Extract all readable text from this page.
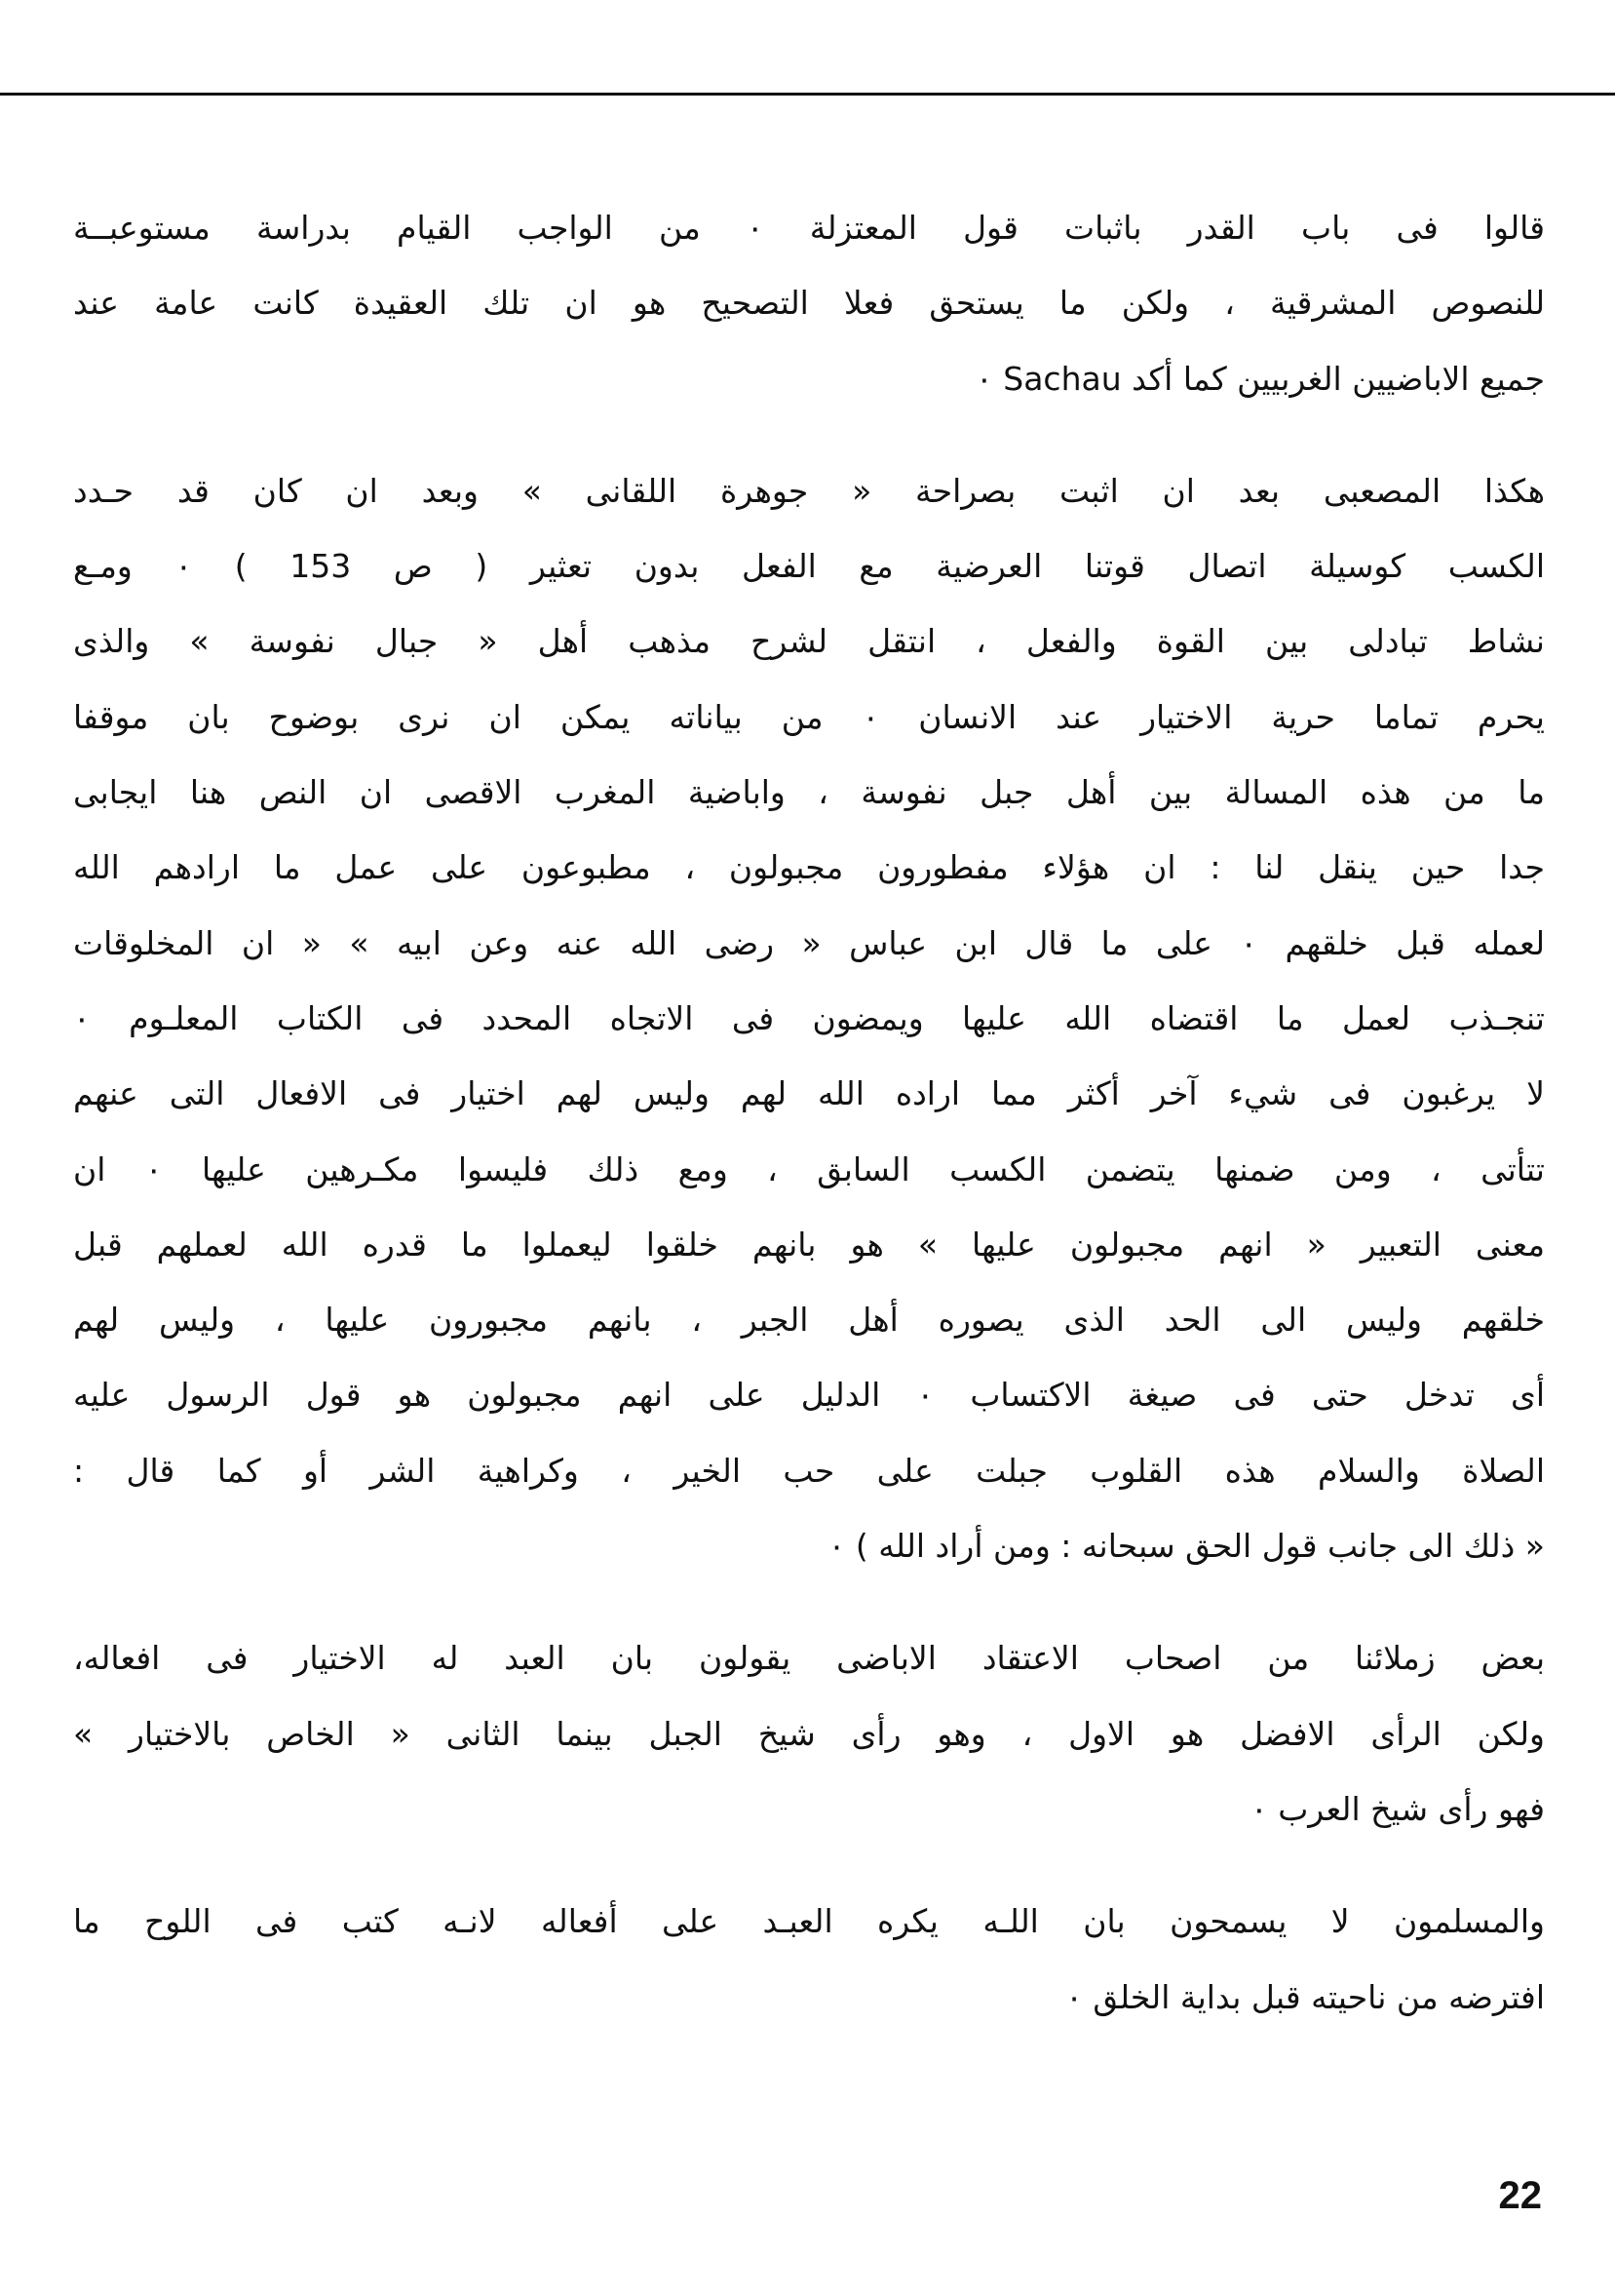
قالوا فى باب القدر باثبات قول المعتزلة ٠ من الواجب القيام بدراسة مستوعبــة
للنصوص المشرقية ، ولكن ما يستحق فعلا التصحيح هو ان تلك العقيدة كانت عامة عند
جميع الاباضيين الغربيين كما أكد Sachau ٠
هكذا المصعبى بعد ان اثبت بصراحة « جوهرة اللقانى » وبعد ان كان قد حـدد
الكسب كوسيلة اتصال قوتنا العرضية مع الفعل بدون تعثير ( ص 153 ) ٠ ومـع
نشاط تبادلى بين القوة والفعل ، انتقل لشرح مذهب أهل « جبال نفوسة » والذى
يحرم تماما حرية الاختيار عند الانسان ٠ من بياناته يمكن ان نرى بوضوح بان موقفا
ما من هذه المسالة بين أهل جبل نفوسة ، واباضية المغرب الاقصى ان النص هنا ايجابى
جدا حين ينقل لنا : ان هؤلاء مفطورون مجبولون ، مطبوعون على عمل ما ارادهم الله
لعمله قبل خلقهم ٠ على ما قال ابن عباس « رضى الله عنه وعن ابيه » « ان المخلوقات
تنجـذب لعمل ما اقتضاه الله عليها ويمضون فى الاتجاه المحدد فى الكتاب المعلـوم ٠
لا يرغبون فى شيء آخر أكثر مما اراده الله لهم وليس لهم اختيار فى الافعال التى عنهم
تتأتى ، ومن ضمنها يتضمن الكسب السابق ، ومع ذلك فليسوا مكـرهين عليها ٠ ان
معنى التعبير « انهم مجبولون عليها » هو بانهم خلقوا ليعملوا ما قدره الله لعملهم قبل
خلقهم وليس الى الحد الذى يصوره أهل الجبر ، بانهم مجبورون عليها ، وليس لهم
أى تدخل حتى فى صيغة الاكتساب ٠ الدليل على انهم مجبولون هو قول الرسول عليه
الصلاة والسلام هذه القلوب جبلت على حب الخير ، وكراهية الشر أو كما قال :
« ذلك الى جانب قول الحق سبحانه : ومن أراد الله ) ٠
بعض زملائنا من اصحاب الاعتقاد الاباضى يقولون بان العبد له الاختيار فى افعاله،
ولكن الرأى الافضل هو الاول ، وهو رأى شيخ الجبل بينما الثانى « الخاص بالاختيار »
فهو رأى شيخ العرب ٠
والمسلمون لا يسمحون بان اللـه يكره العبـد على أفعاله لانـه كتب فى اللوح ما
افترضه من ناحيته قبل بداية الخلق ٠
22
